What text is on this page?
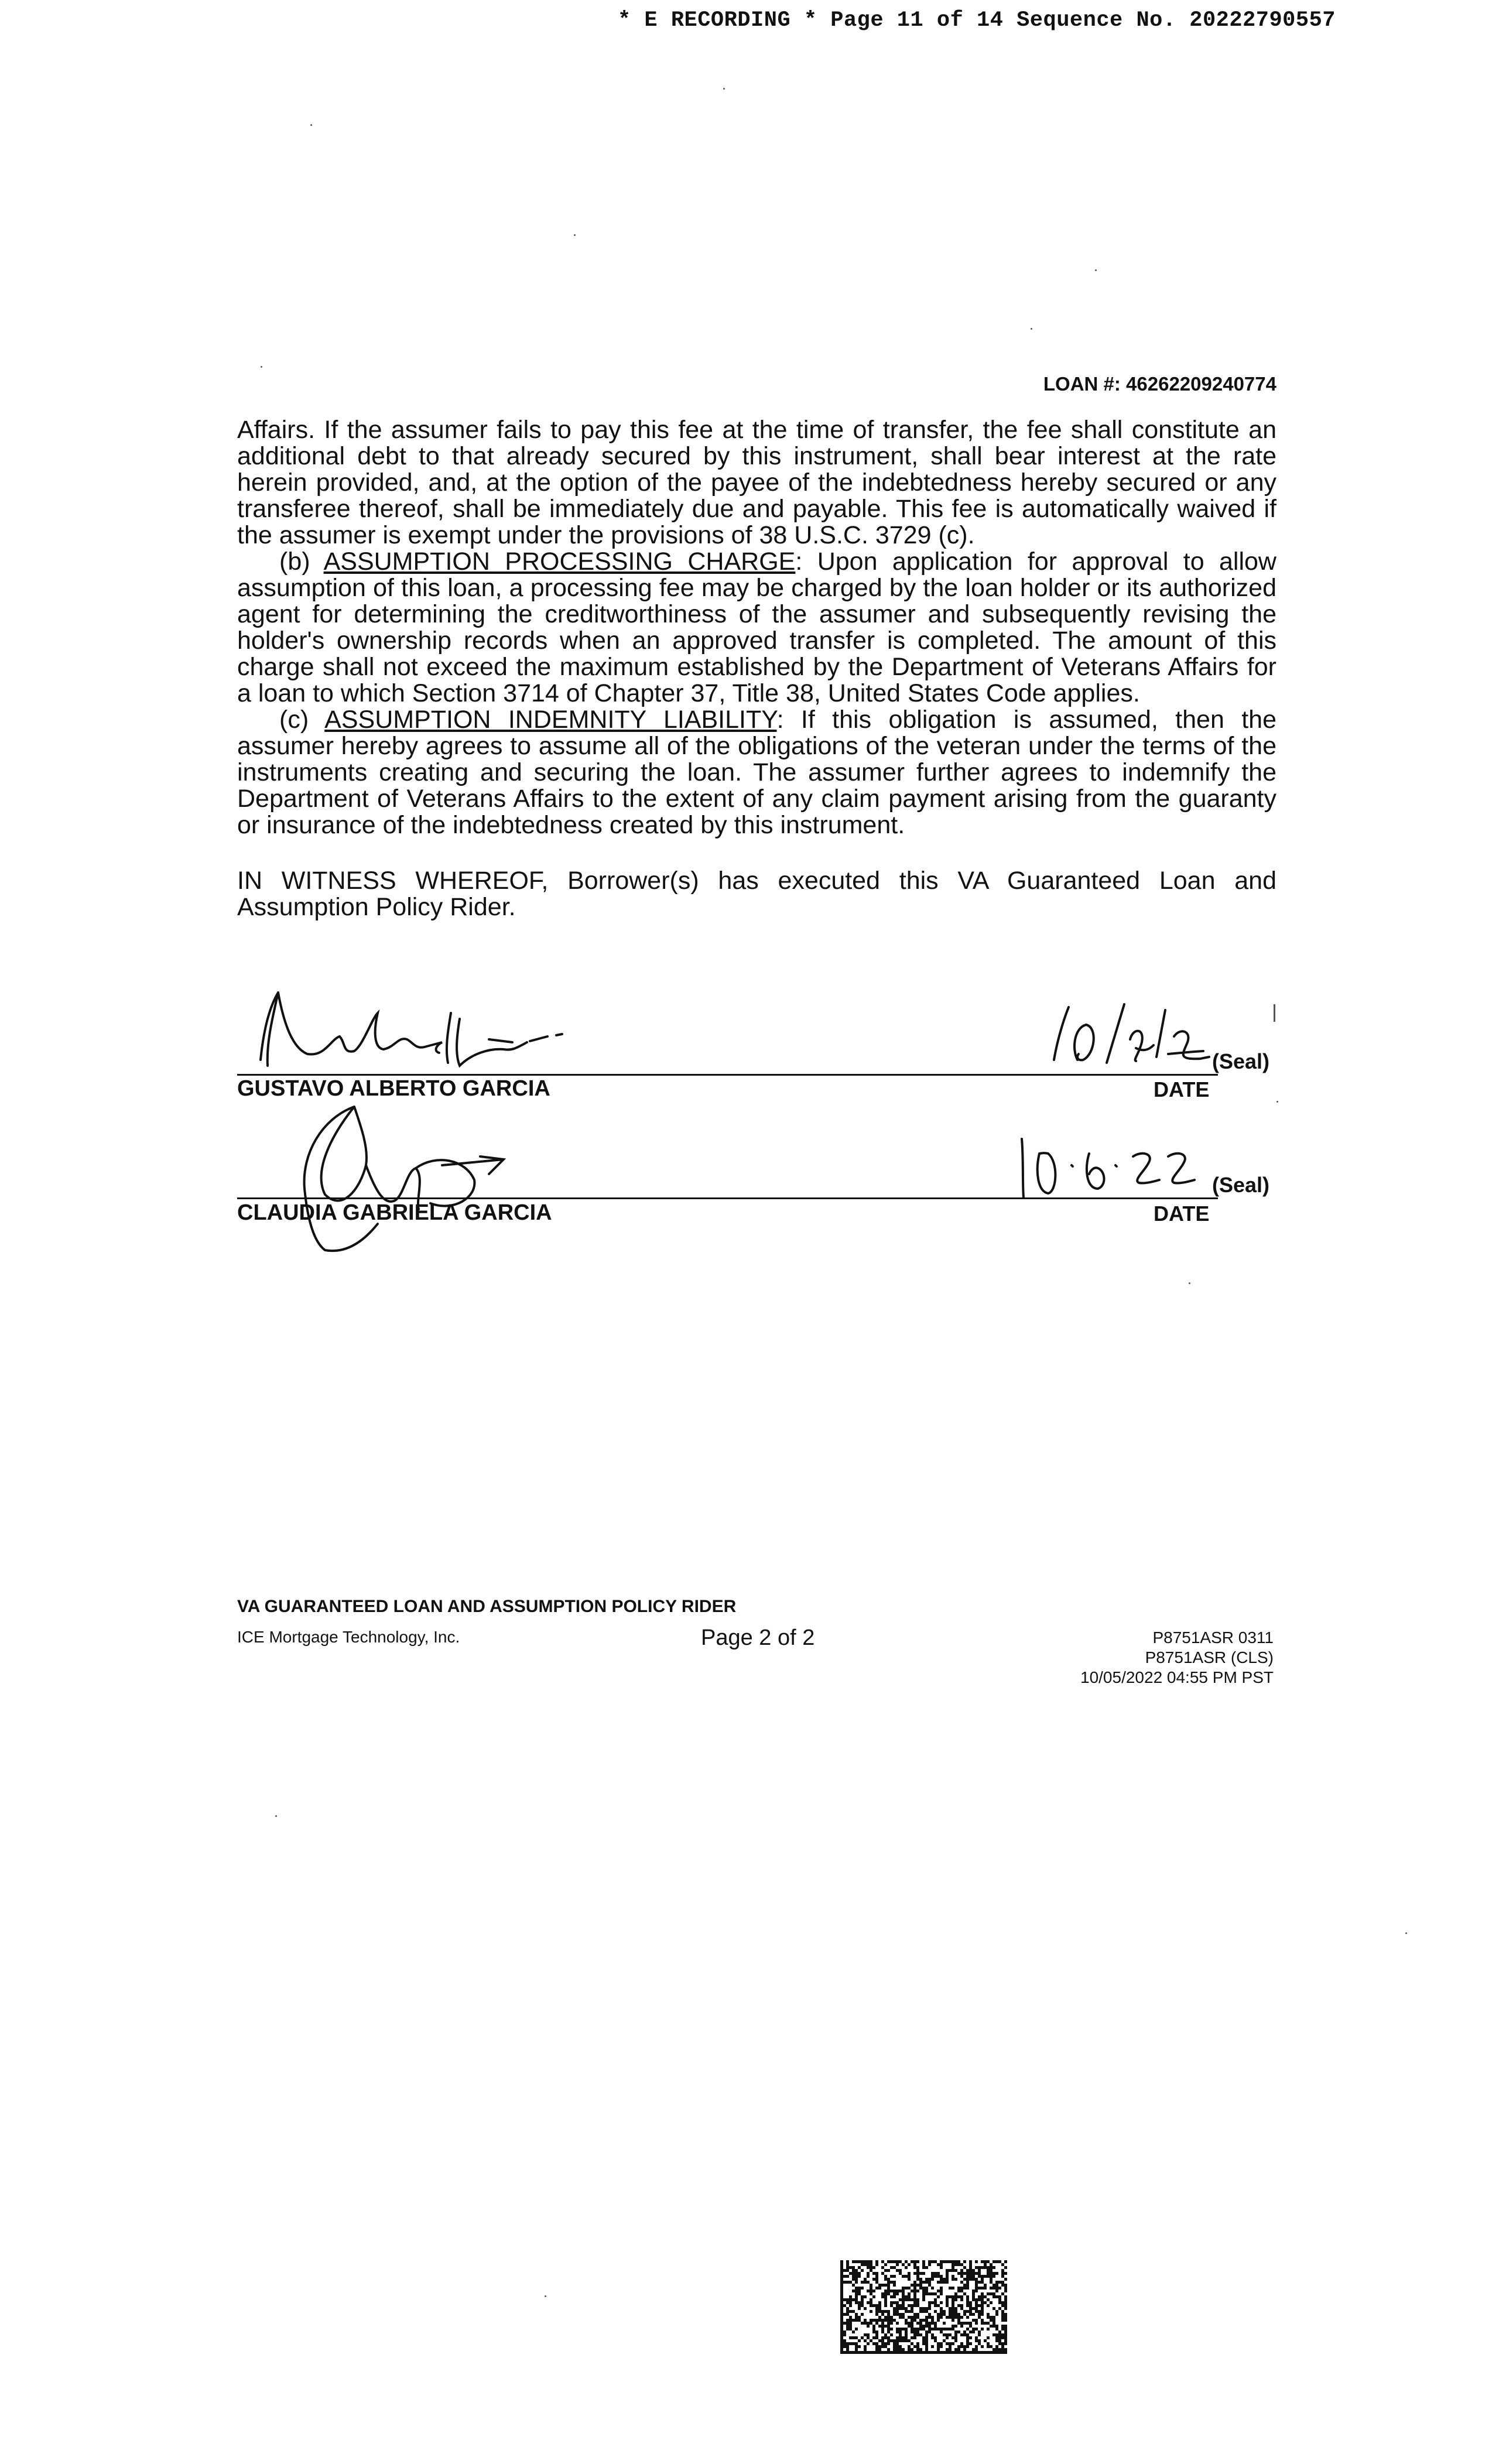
* E RECORDING * Page 11 of 14 Sequence No. 20222790557
LOAN #: 46262209240774

Affairs. If the assumer fails to pay this fee at the time of transfer, the fee shall constitute an additional debt to that already secured by this instrument, shall bear interest at the rate herein provided, and, at the option of the payee of the indebtedness hereby secured or any transferee thereof, shall be immediately due and payable. This fee is automatically waived if the assumer is exempt under the provisions of 38 U.S.C. 3729 (c).

(b) ASSUMPTION PROCESSING CHARGE: Upon application for approval to allow assumption of this loan, a processing fee may be charged by the loan holder or its authorized agent for determining the creditworthiness of the assumer and subsequently revising the holder's ownership records when an approved transfer is completed. The amount of this charge shall not exceed the maximum established by the Department of Veterans Affairs for a loan to which Section 3714 of Chapter 37, Title 38, United States Code applies.

(c) ASSUMPTION INDEMNITY LIABILITY: If this obligation is assumed, then the assumer hereby agrees to assume all of the obligations of the veteran under the terms of the instruments creating and securing the loan. The assumer further agrees to indemnify the Department of Veterans Affairs to the extent of any claim payment arising from the guaranty or insurance of the indebtedness created by this instrument.

IN WITNESS WHEREOF, Borrower(s) has executed this VA Guaranteed Loan and Assumption Policy Rider.

GUSTAVO ALBERTO GARCIA
(Seal)
DATE
CLAUDIA GABRIELA GARCIA
(Seal)
DATE
VA GUARANTEED LOAN AND ASSUMPTION POLICY RIDER
ICE Mortgage Technology, Inc.	Page 2 of 2	P8751ASR 0311
P8751ASR (CLS)
10/05/2022 04:55 PM PST
